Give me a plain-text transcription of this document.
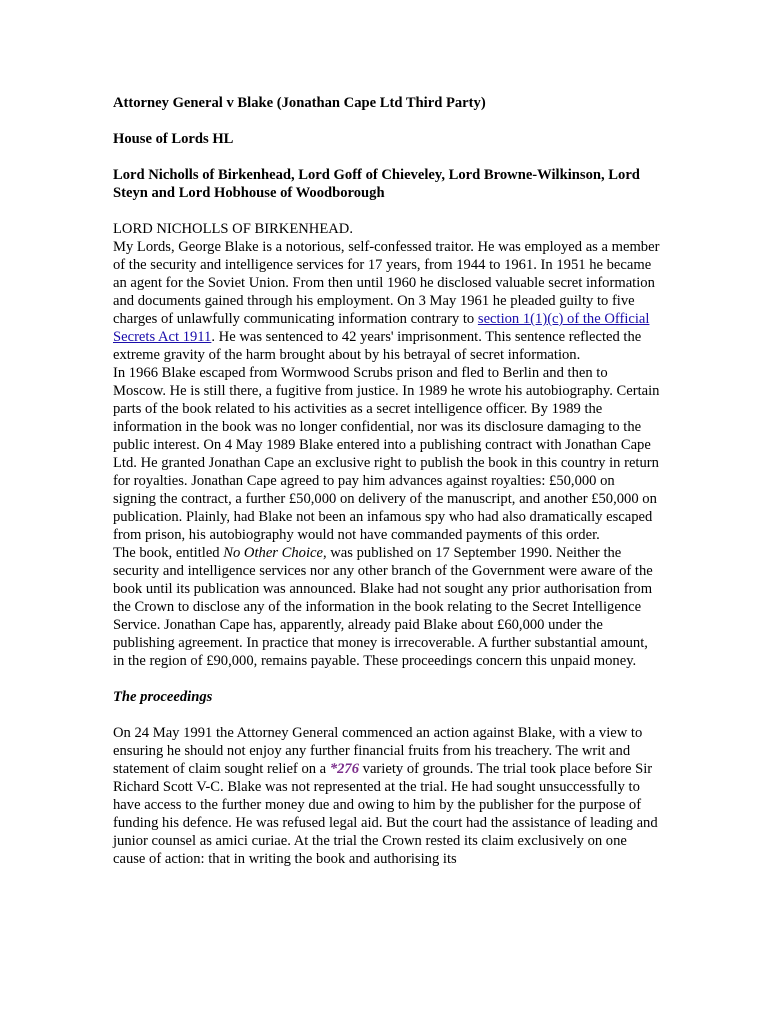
Attorney General v Blake (Jonathan Cape Ltd Third Party)

House of Lords HL

Lord Nicholls of Birkenhead, Lord Goff of Chieveley, Lord Browne-Wilkinson, Lord Steyn and Lord Hobhouse of Woodborough

LORD NICHOLLS OF BIRKENHEAD.

My Lords, George Blake is a notorious, self-confessed traitor. He was employed as a member of the security and intelligence services for 17 years, from 1944 to 1961. In 1951 he became an agent for the Soviet Union. From then until 1960 he disclosed valuable secret information and documents gained through his employment. On 3 May 1961 he pleaded guilty to five charges of unlawfully communicating information contrary to section 1(1)(c) of the Official Secrets Act 1911. He was sentenced to 42 years' imprisonment. This sentence reflected the extreme gravity of the harm brought about by his betrayal of secret information.

In 1966 Blake escaped from Wormwood Scrubs prison and fled to Berlin and then to Moscow. He is still there, a fugitive from justice. In 1989 he wrote his autobiography. Certain parts of the book related to his activities as a secret intelligence officer. By 1989 the information in the book was no longer confidential, nor was its disclosure damaging to the public interest. On 4 May 1989 Blake entered into a publishing contract with Jonathan Cape Ltd. He granted Jonathan Cape an exclusive right to publish the book in this country in return for royalties. Jonathan Cape agreed to pay him advances against royalties: £50,000 on signing the contract, a further £50,000 on delivery of the manuscript, and another £50,000 on publication. Plainly, had Blake not been an infamous spy who had also dramatically escaped from prison, his autobiography would not have commanded payments of this order.

The book, entitled No Other Choice, was published on 17 September 1990. Neither the security and intelligence services nor any other branch of the Government were aware of the book until its publication was announced. Blake had not sought any prior authorisation from the Crown to disclose any of the information in the book relating to the Secret Intelligence Service. Jonathan Cape has, apparently, already paid Blake about £60,000 under the publishing agreement. In practice that money is irrecoverable. A further substantial amount, in the region of £90,000, remains payable. These proceedings concern this unpaid money.

The proceedings

On 24 May 1991 the Attorney General commenced an action against Blake, with a view to ensuring he should not enjoy any further financial fruits from his treachery. The writ and statement of claim sought relief on a *276 variety of grounds. The trial took place before Sir Richard Scott V-C. Blake was not represented at the trial. He had sought unsuccessfully to have access to the further money due and owing to him by the publisher for the purpose of funding his defence. He was refused legal aid. But the court had the assistance of leading and junior counsel as amici curiae. At the trial the Crown rested its claim exclusively on one cause of action: that in writing the book and authorising its
